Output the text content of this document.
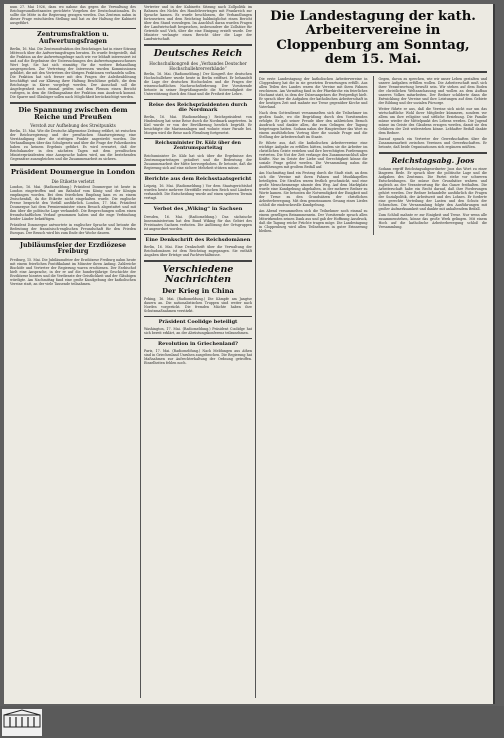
num 27. Mai 1926, dazu wo nahme das gegen die Verwaltung des Reichsgesundheitsamtes gerichtete Vorgehen der Deutschnationalen. Es sollte die Mitte in die Regierung gezogen werden. Das Zentrum nahm in dieser Frage entschieden Stellung und hat zu der Haltung der Kabinett ausgeführt.
Zentrumsfraktion u. Aufwertungsfragen
Berlin, 16. Mai. Die Zentrumsfraktion des Reichstages hat in einer Sitzung Mittwoch über die Aufwertungsfragen beraten. Es wurde festgestellt, daß die Fraktion an der Aufwertungsfrage nach wie vor lebhaft interessiert ist und auf die Ergebnisse der Untersuchungen des Aufwertungsausschusses Wert legt. Sie hat sich einmütig für die weitere Behandlung ausgesprochen. Zur Vertretung der Interessen wurden Kommissionen gebildet, die mit den Vertretern der übrigen Fraktionen verhandeln sollen. Die Fraktion hat sich ferner mit den Fragen der Anleiheablösung beschäftigt und zur Klärung ihrer Haltung Beschlüsse gefaßt, die dem Reichstage in Kürze vorgelegt werden. Der Ausschuß soll die Angelegenheit noch einmal prüfen und dem Plenum einen Bericht vorlegen, in dem die Stellungnahme der Fraktion zum Ausdruck kommt. Die Sparer und Gläubiger sollen nach Möglichkeit berücksichtigt werden.
Die Spannung zwischen dem Reiche und Preußen
Verstoß zur Aufhebung des Streitpunkts
Berlin, 15. Mai. Wie die Deutsche Allgemeine Zeitung erfährt, ist zwischen der Reichsregierung und der preußischen Staatsregierung eine Verständigung über die strittigen Punkte angestrebt worden. Die Verhandlungen über das Schulgesetz und über die Frage der Polizeikosten haben zu keinem Ergebnis geführt. Es wird erwartet, daß der Reichskanzler in den nächsten Tagen mit dem preußischen Ministerpräsidenten eine Aussprache haben wird, um die bestehenden Gegensätze auszugleichen und die Zusammenarbeit zu sichern.
Präsident Doumergue in London
Die Etikette verletzt
London, 16. Mai. (Radiomeldung.) Präsident Doumergue ist heute in London eingetroffen und am Bahnhof vom König und der Königin empfangen worden. Bei dem feierlichen Empfang kam es zu einem Zwischenfall, da die Etikette nicht eingehalten wurde. Die englische Presse bespricht den Vorfall ausführlich. London, 17. Mai. Präsident Doumergue hat dem Premierminister einen Besuch abgestattet und mit ihm über die politische Lage verhandelt. Die Besprechungen sollen einen freundschaftlichen Verlauf genommen haben und die enge Verbindung beider Länder bekräftigen.
Präsident Doumergue antwortete in englischer Sprache und betonte die Bedeutung der französisch-englischen Freundschaft für den Frieden Europas. Der Besuch wird bis zum Ende der Woche dauern.
Jubiläumsfeier der Erzdiözese Freiburg
Freiburg, 15. Mai. Die Jubiläumsfeier der Erzdiözese Freiburg nahm heute mit einem feierlichen Pontifikalamt im Münster ihren Anfang. Zahlreiche Bischöfe und Vertreter der Regierung waren erschienen. Der Erzbischof hielt eine Ansprache, in der er auf die hundertjährige Geschichte der Erzdiözese hinwies und die Verdienste der Geistlichkeit und der Gläubigen würdigte. Am Nachmittag fand eine große Kundgebung der katholischen Vereine statt, an der viele Tausende teilnahmen.
Vertreter und in der Kabinetts Sitzung nach Zollpolitik im Rahmen des Nichts des Handelsvertrages mit Frankreich zur Sprache kamen. Es wurde beschlossen, die Verhandlungen fortzusetzen und dem Reichstag baldmöglichst einen Bericht über den Stand vorzulegen. Im Anschluß daran wurden Fragen der Landwirtschaft besprochen, insbesondere die Zollsätze für Getreide und Vieh, über die eine Einigung erzielt wurde. Der Minister verlangte einen Bericht über die Lage der Landwirtschaft.
Deutsches Reich
Hochschulkongreß des „Verbandes Deutscher Hochschullehrerverbände“
Berlin, 16. Mai. (Radiomeldung.) Der Kongreß der deutschen Hochschullehrer wurde heute in Berlin eröffnet. Er behandelt die Lage der deutschen Hochschulen und die Fragen der wissenschaftlichen Nachwuchsförderung. Der Vorsitzende betonte in seiner Begrüßungsrede die Notwendigkeit der Unterstützung durch den Staat und die Freiheit der Lehre.
Reise des Reichspräsidenten durch die Nordmark
Berlin, 16. Mai. (Radiomeldung.) Reichspräsident von Hindenburg hat seine Reise durch die Nordmark angetreten. In Kiel wurde er von der Bevölkerung herzlich begrüßt. Er besichtigte die Marineanlagen und wohnte einer Parade bei. Morgen wird die Reise nach Flensburg fortgesetzt.
Reichsminister Dr. Külz über den Zentrumsparteitag
Reichsminister Dr. Külz hat sich über die Ergebnisse des Zentrumsparteitages geäußert und die Bedeutung der Zusammenarbeit der Mitte hervorgehoben. Er betonte, daß die Regierung sich auf eine sichere Mehrheit stützen müsse.
Berichte aus dem Reichsstaatsgericht
Leipzig, 16. Mai. (Radiomeldung.) Vor dem Staatsgerichtshof wurden heute mehrere Streitfälle zwischen Reich und Ländern verhandelt. Die Entscheidung wurde auf einen späteren Termin vertagt.
Verbot des „Wiking“ in Sachsen
Dresden, 16. Mai. (Radiomeldung.) Das sächsische Innenministerium hat den Bund Wiking für das Gebiet des Freistaates Sachsen verboten. Die Auflösung der Ortsgruppen ist angeordnet worden.
Eine Denkschrift des Reichsdomänen
Berlin, 16. Mai. Eine Denkschrift über die Verwaltung der Reichsdomänen ist dem Reichstag zugegangen. Sie enthält Angaben über Erträge und Pachtverhältnisse.
Verschiedene Nachrichten
Der Krieg in China
Peking, 16. Mai. (Radiomeldung.) Die Kämpfe am Jangtse dauern an. Die nationalistischen Truppen sind weiter nach Norden vorgerückt. Die fremden Mächte haben ihre Schutzmaßnahmen verstärkt.
Präsident Coolidge beteiligt
Washington, 17. Mai. (Radiomeldung.) Präsident Coolidge hat sich bereit erklärt, an der Abrüstungskonferenz teilzunehmen.
Revolution in Griechenland?
Paris, 17. Mai. (Radiomeldung.) Nach Meldungen aus Athen sind in Griechenland Unruhen ausgebrochen. Die Regierung hat Maßnahmen zur Aufrechterhaltung der Ordnung getroffen. Einzelheiten fehlen noch.
Die Landestagung der kath. Arbeitervereine in Cloppenburg am Sonntag, dem 15. Mai.
Die erste Landestagung der katholischen Arbeitervereine in Cloppenburg hat die in sie gesetzten Erwartungen erfüllt. Aus allen Teilen des Landes waren die Vereine mit ihren Fahnen erschienen. Am Vormittag fand in der Pfarrkirche ein feierliches Hochamt statt, in dem der Diözesanpräses die Festpredigt hielt. Er sprach über die Aufgaben der katholischen Arbeiterschaft in der heutigen Zeit und mahnte zur Treue gegenüber Kirche und Vaterland.
Nach dem Gottesdienst versammelten sich die Teilnehmer im großen Saale, wo die Begrüßung durch den Vorsitzenden erfolgte. Er gab seiner Freude über den zahlreichen Besuch Ausdruck und dankte allen, die zum Gelingen der Tagung beigetragen hatten. Sodann nahm der Hauptredner das Wort zu einem ausführlichen Vortrag über die soziale Frage und die Stellung der Arbeiterschaft im Staate.
Er führte aus, daß die katholischen Arbeitervereine eine wichtige Aufgabe zu erfüllen hätten, indem sie die Arbeiter im christlichen Geiste erziehen und ihre berechtigten Forderungen vertreten. Die Not der Zeit verlange den Zusammenschluß aller Kräfte. Nur im Geiste der Liebe und Gerechtigkeit könne die soziale Frage gelöst werden. Die Versammlung nahm die Ausführungen mit großem Beifall auf.
Am Nachmittag fand ein Festzug durch die Stadt statt, an dem sich die Vereine mit ihren Fahnen und Musikkapellen beteiligten. Die Straßen waren festlich geschmückt, und eine große Menschenmenge säumte den Weg. Auf dem Marktplatz wurde eine Kundgebung abgehalten, in der mehrere Redner zu Worte kamen. Sie betonten die Notwendigkeit der Einigkeit und der Treue zu den Grundsätzen der christlichen Arbeiterbewegung. Mit dem gemeinsamen Gesang eines Liedes schloß die eindrucksvolle Kundgebung.
Am Abend versammelten sich die Teilnehmer noch einmal zu einem geselligen Beisammensein. Der Vorsitzende sprach allen Mitwirkenden seinen Dank aus und gab der Hoffnung Ausdruck, daß die Tagung reiche Früchte tragen möge. Die Landestagung in Cloppenburg wird allen Teilnehmern in guter Erinnerung bleiben.
Gegen, davon zu sprechen, wie wir unser Leben gestalten und unsere Aufgaben erfüllen wollen. Die Arbeiterschaft muß sich ihrer Verantwortung bewußt sein. Wir stehen auf dem Boden der christlichen Weltanschauung und wollen an dem Aufbau unseres Volkes mitarbeiten. Der Redner schilderte dann die Entwicklung der Vereine und ihre Leistungen auf dem Gebiete der Bildung und der sozialen Fürsorge.
Weiter führte er aus, daß die Vereine sich nicht nur um das wirtschaftliche Wohl ihrer Mitglieder kümmern, sondern vor allem um ihre religiöse und sittliche Erziehung. Die Familie müsse wieder der Mittelpunkt des Lebens werden. Die Jugend müsse im Geiste des Glaubens erzogen werden, damit sie den Gefahren der Zeit widerstehen könne. Lebhafter Beifall dankte dem Redner.
Darauf sprach ein Vertreter der Gewerkschaften über die Zusammenarbeit zwischen Vereinen und Gewerkschaften. Er betonte, daß beide Organisationen sich ergänzen müßten.
Reichstagsabg. Joos
Sodann ergriff Reichstagsabgeordneter Joos das Wort zu einer längeren Rede. Er sprach über die politische Lage und die Aufgaben des Zentrums. Die Partei stehe vor schweren Entscheidungen. Sie müsse ihre Grundsätze wahren und zugleich an der Verantwortung für das Ganze festhalten. Die Arbeiterschaft habe ein Recht darauf, daß ihre Forderungen gehört werden. Der Redner behandelte ausführlich die Fragen der Sozialpolitik, der Arbeitszeit und des Lohnes. Er forderte eine gerechte Verteilung der Lasten und den Schutz der Schwachen. Die Versammlung folgte den Ausführungen mit großer Aufmerksamkeit und dankte mit anhaltendem Beifall.
Zum Schluß mahnte er zur Einigkeit und Treue. Nur wenn alle zusammenstehen, könne das große Werk gelingen. Mit einem Hoch auf die katholische Arbeiterbewegung schloß die Versammlung.
